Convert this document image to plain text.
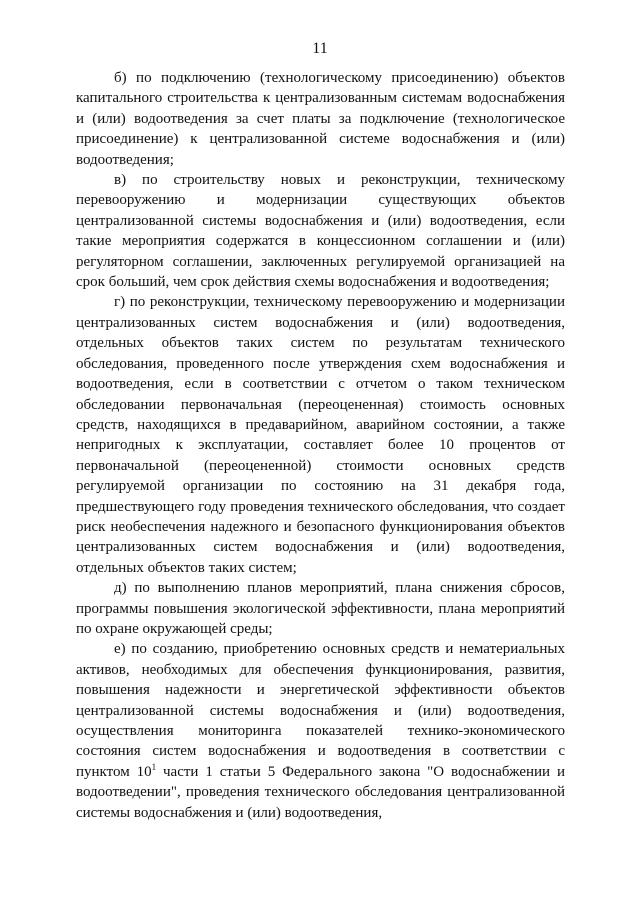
11

б) по подключению (технологическому присоединению) объектов капитального строительства к централизованным системам водоснабжения и (или) водоотведения за счет платы за подключение (технологическое присоединение) к централизованной системе водоснабжения и (или) водоотведения;

в) по строительству новых и реконструкции, техническому перевооружению и модернизации существующих объектов централизованной системы водоснабжения и (или) водоотведения, если такие мероприятия содержатся в концессионном соглашении и (или) регуляторном соглашении, заключенных регулируемой организацией на срок больший, чем срок действия схемы водоснабжения и водоотведения;

г) по реконструкции, техническому перевооружению и модернизации централизованных систем водоснабжения и (или) водоотведения, отдельных объектов таких систем по результатам технического обследования, проведенного после утверждения схем водоснабжения и водоотведения, если в соответствии с отчетом о таком техническом обследовании первоначальная (переоцененная) стоимость основных средств, находящихся в предаварийном, аварийном состоянии, а также непригодных к эксплуатации, составляет более 10 процентов от первоначальной (переоцененной) стоимости основных средств регулируемой организации по состоянию на 31 декабря года, предшествующего году проведения технического обследования, что создает риск необеспечения надежного и безопасного функционирования объектов централизованных систем водоснабжения и (или) водоотведения, отдельных объектов таких систем;

д) по выполнению планов мероприятий, плана снижения сбросов, программы повышения экологической эффективности, плана мероприятий по охране окружающей среды;

е) по созданию, приобретению основных средств и нематериальных активов, необходимых для обеспечения функционирования, развития, повышения надежности и энергетической эффективности объектов централизованной системы водоснабжения и (или) водоотведения, осуществления мониторинга показателей технико-экономического состояния систем водоснабжения и водоотведения в соответствии с пунктом $10^1$ части 1 статьи 5 Федерального закона "О водоснабжении и водоотведении", проведения технического обследования централизованной системы водоснабжения и (или) водоотведения,
